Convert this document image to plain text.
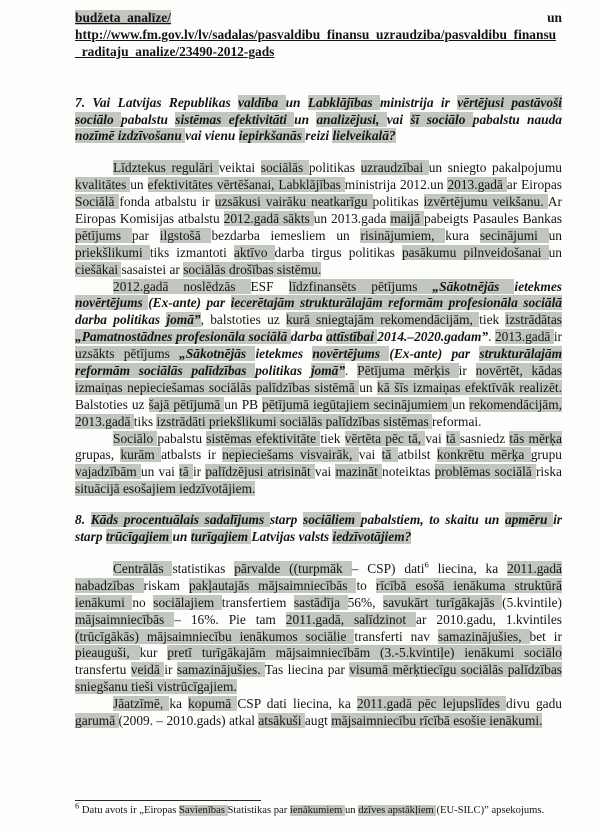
budžeta_analīze/	un
http://www.fm.gov.lv/lv/sadalas/pasvaldibu_finansu_uzraudziba/pasvaldibu_finansu_raditaju_analize/23490-2012-gads

7. Vai Latvijas Republikas valdība un Labklājības ministrija ir vērtējusi pastāvoši sociālo pabalstu sistēmas efektivitāti un analizējusi, vai šī sociālo pabalstu nauda nozīmē izdzīvošanu vai vienu iepirkšanās reizi lielveikalā?

Līdztekus regulāri veiktai sociālās politikas uzraudzībai un sniegto pakalpojumu kvalitātes un efektivitātes vērtēšanai, Labklājības ministrija 2012.un 2013.gadā ar Eiropas Sociālā fonda atbalstu ir uzsākusi vairāku neatkarīgu politikas izvērtējumu veikšanu. Ar Eiropas Komisijas atbalstu 2012.gadā sākts un 2013.gada maijā pabeigts Pasaules Bankas pētījums par ilgstošā bezdarba iemesliem un risinājumiem, kura secinājumi un priekšlikumi tiks izmantoti aktīvo darba tirgus politikas pasākumu pilnveidošanai un ciešākai sasaistei ar sociālās drošības sistēmu.

2012.gadā noslēdzās ESF līdzfinansēts pētījums „Sākotnējās ietekmes novērtējums (Ex-ante) par iecerētajām strukturālajām reformām profesionāla sociālā darba politikas jomā”, balstoties uz kurā sniegtajām rekomendācijām, tiek izstrādātas „Pamatnostādnes profesionāla sociālā darba attīstībai 2014.–2020.gadam”. 2013.gadā ir uzsākts pētījums „Sākotnējās ietekmes novērtējums (Ex-ante) par strukturālajām reformām sociālās palīdzības politikas jomā”. Pētījuma mērķis ir novērtēt, kādas izmaiņas nepieciešamas sociālās palīdzības sistēmā un kā šīs izmaiņas efektīvāk realizēt. Balstoties uz šajā pētījumā un PB pētījumā iegūtajiem secinājumiem un rekomendācijām, 2013.gadā tiks izstrādāti priekšlikumi sociālās palīdzības sistēmas reformai.

Sociālo pabalstu sistēmas efektivitāte tiek vērtēta pēc tā, vai tā sasniedz tās mērķa grupas, kurām atbalsts ir nepieciešams visvairāk, vai tā atbilst konkrētu mērķa grupu vajadzībām un vai tā ir palīdzējusi atrisināt vai mazināt noteiktas problēmas sociālā riska situācijā esošajiem iedzīvotājiem.

8. Kāds procentuālais sadalījums starp sociāliem pabalstiem, to skaitu un apmēru ir starp trūcīgajiem un turīgajiem Latvijas valsts iedzīvotājiem?

Centrālās statistikas pārvalde ((turpmāk – CSP) dati$^6$ liecina, ka 2011.gadā nabadzības riskam pakļautajās mājsaimniecībās to rīcībā esošā ienākuma struktūrā ienākumi no sociālajiem transfertiem sastādīja 56%, savukārt turīgākajās (5.kvintile) mājsaimniecībās – 16%. Pie tam 2011.gadā, salīdzinot ar 2010.gadu, 1.kvintiles (trūcīgākās) mājsaimniecību ienākumos sociālie transferti nav samazinājušies, bet ir pieauguši, kur pretī turīgākajām mājsaimniecībām (3.-5.kvintiļe) ienākumi sociālo transfertu veidā ir samazinājušies. Tas liecina par visumā mērķtiecīgu sociālās palīdzības sniegšanu tieši vistrūcīgajiem.

Jāatzīmē, ka kopumā CSP dati liecina, ka 2011.gadā pēc lejupslīdes divu gadu garumā (2009. – 2010.gads) atkal atsākuši augt mājsaimniecību rīcībā esošie ienākumi.

$^6$ Datu avots ir „Eiropas Savienības Statistikas par ienākumiem un dzīves apstākļiem (EU-SILC)” apsekojums.
